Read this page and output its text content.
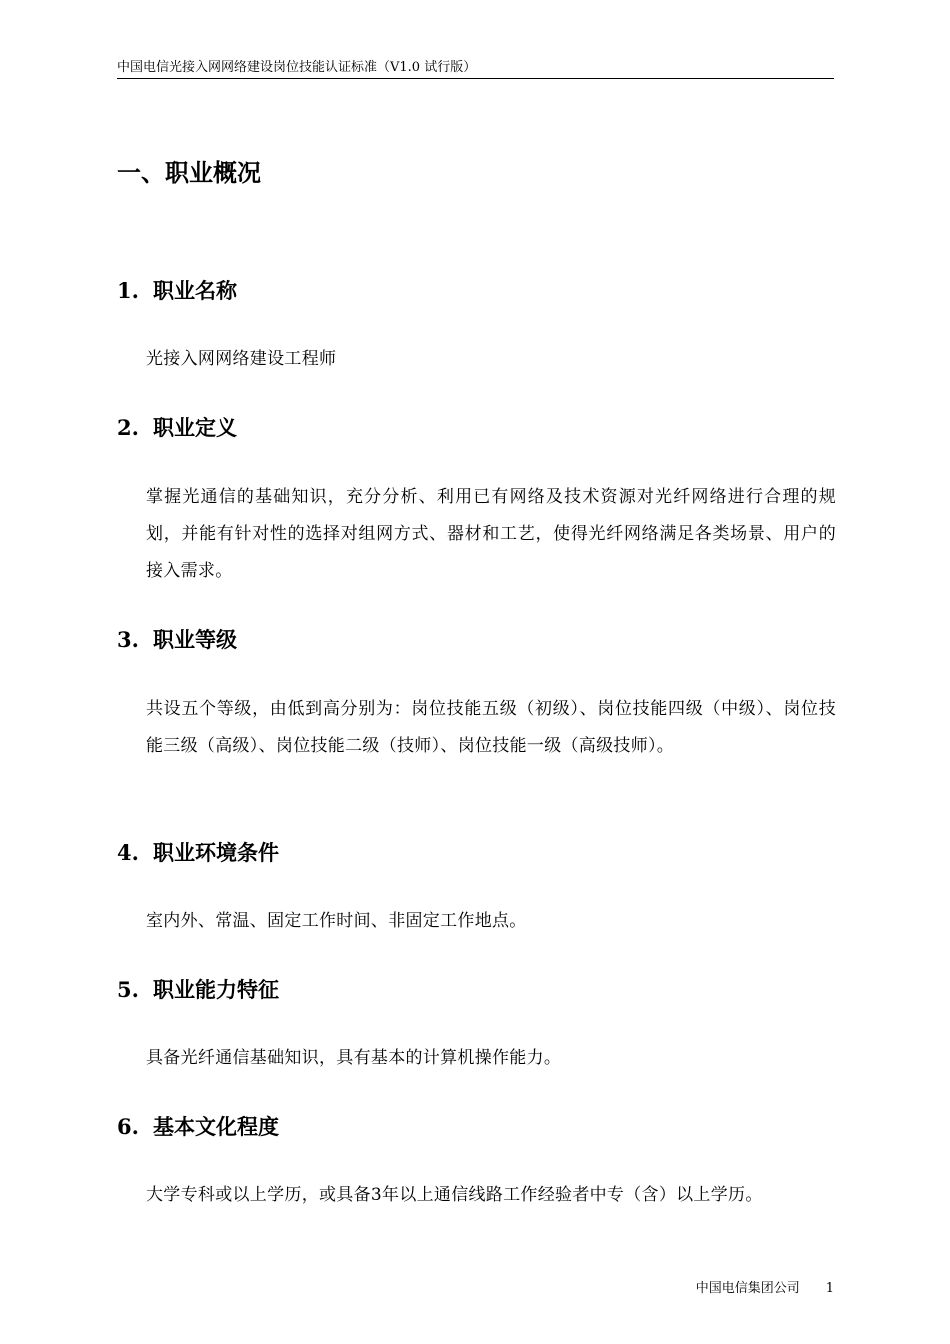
中国电信光接入网网络建设岗位技能认证标准（V1.0 试行版）
一、职业概况
1. 职业名称

光接入网网络建设工程师

2. 职业定义

掌握光通信的基础知识，充分分析、利用已有网络及技术资源对光纤网络进行合理的规划，并能有针对性的选择对组网方式、器材和工艺，使得光纤网络满足各类场景、用户的接入需求。

3. 职业等级

共设五个等级，由低到高分别为：岗位技能五级（初级）、岗位技能四级（中级）、岗位技能三级（高级）、岗位技能二级（技师）、岗位技能一级（高级技师）。

4. 职业环境条件

室内外、常温、固定工作时间、非固定工作地点。

5. 职业能力特征

具备光纤通信基础知识，具有基本的计算机操作能力。

6. 基本文化程度

大学专科或以上学历，或具备3年以上通信线路工作经验者中专（含）以上学历。

中国电信集团公司 1
